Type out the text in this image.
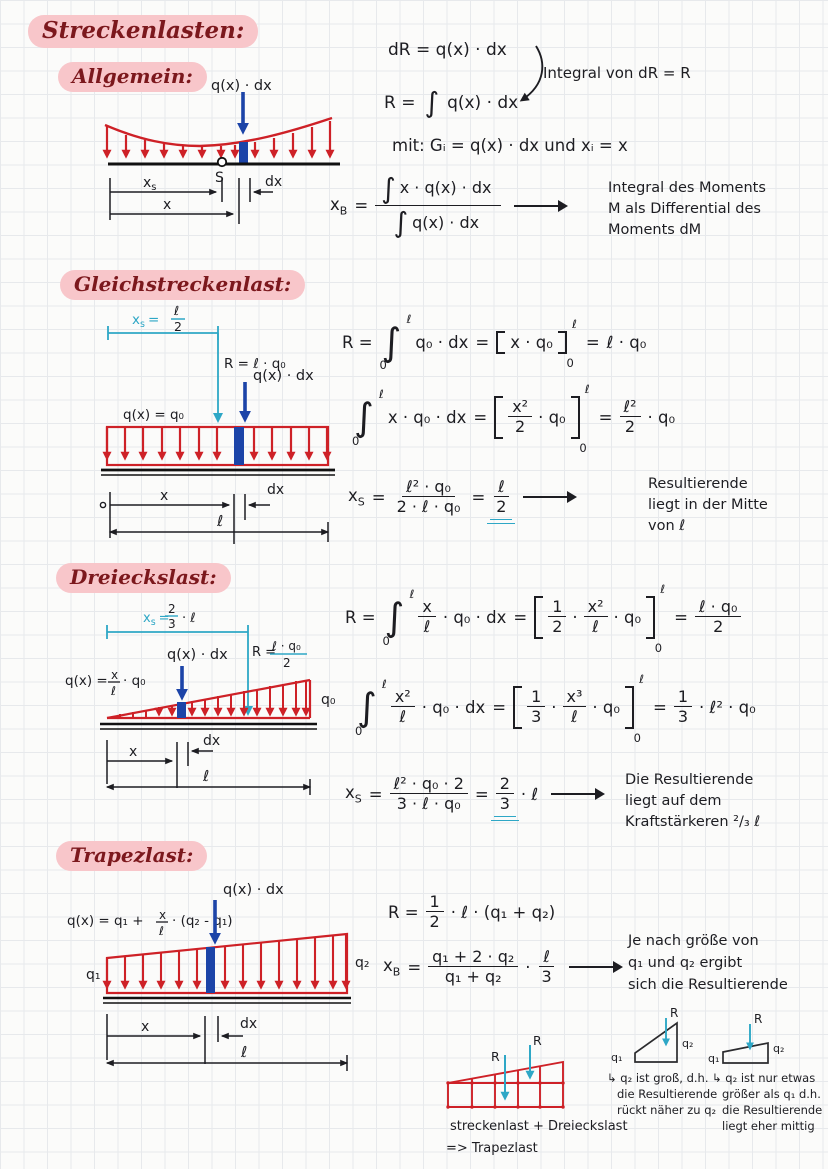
Streckenlasten:
Allgemein:
Gleichstreckenlast:
Dreieckslast:
Trapezlast:
q(x) · dx
S
$x_s$	dx
x
dR = q(x) · dx
Integral von dR = R
R = ∫ q(x) · dx
mit: Gᵢ = q(x) · dx und xᵢ = x
$x_B = \frac{\int x \cdot q(x) \cdot dx}{\int q(x) \cdot dx}$	Integral des Moments
M als Differential des
Moments dM
$x_s$ =
ℓ
2
R = ℓ · q₀
q(x) · dx
q(x) = q₀
x	dx
ℓ
R = ∫
ℓ
0
q₀ · dx = x · q₀
ℓ
0
= ℓ · q₀
∫
ℓ
0
x · q₀ · dx = $\frac{\text{x²}}{2} \cdot q_0$
ℓ
0
= $\frac{\text{ℓ²}}{2} \cdot q_0$
$x_S = \frac{\text{ℓ² · q₀}}{\text{2 · ℓ · q₀}} = \frac{\text{ℓ}}{2}$	Resultierende
liegt in der Mitte
von ℓ
$x_s$ =
2
3 · ℓ
R =
ℓ · q₀
2
q(x) · dx
q(x) = x
ℓ
· q₀
q₀
x
dx
ℓ
R = ∫
ℓ
0
$\frac{x}{\text{ℓ}} \cdot q_0$ · dx = $\frac{1}{2} \cdot \frac{\text{x²}}{\text{ℓ}} \cdot q_0$
ℓ
0
= $\frac{\text{ℓ · q₀}}{2}$
∫
ℓ
0
$\frac{\text{x²}}{\text{ℓ}} \cdot q_0$ · dx = $\frac{1}{3} \cdot \frac{\text{x³}}{\text{ℓ}} \cdot q_0$
ℓ
0
= $\frac{1}{3}$ · ℓ² · q₀
$x_S = \frac{\text{ℓ² · q₀ · 2}}{\text{3 · ℓ · q₀}} = \frac{2}{3}$ · ℓ
Die Resultierende
liegt auf dem
Kraftstärkeren ²/₃ ℓ
q(x) = q₁ + x
ℓ
· (q₂ - q₁)
q(x) · dx
q₁
q₂
x	dx
ℓ
$R = \frac{1}{2}$ · ℓ · (q₁ + q₂)
$x_B = \frac{\text{q₁ + 2 · q₂}}{\text{q₁ + q₂}} \cdot \frac{\text{ℓ}}{3}$
Je nach größe von
q₁ und q₂ ergibt
sich die Resultierende
R
R
streckenlast + Dreieckslast
=> Trapezlast
R
q₁
q₂
↳ q₂ ist groß, d.h.
die Resultierende
rückt näher zu q₂
R
q₁
q₂
↳ q₂ ist nur etwas
größer als q₁ d.h.
die Resultierende
liegt eher mittig
